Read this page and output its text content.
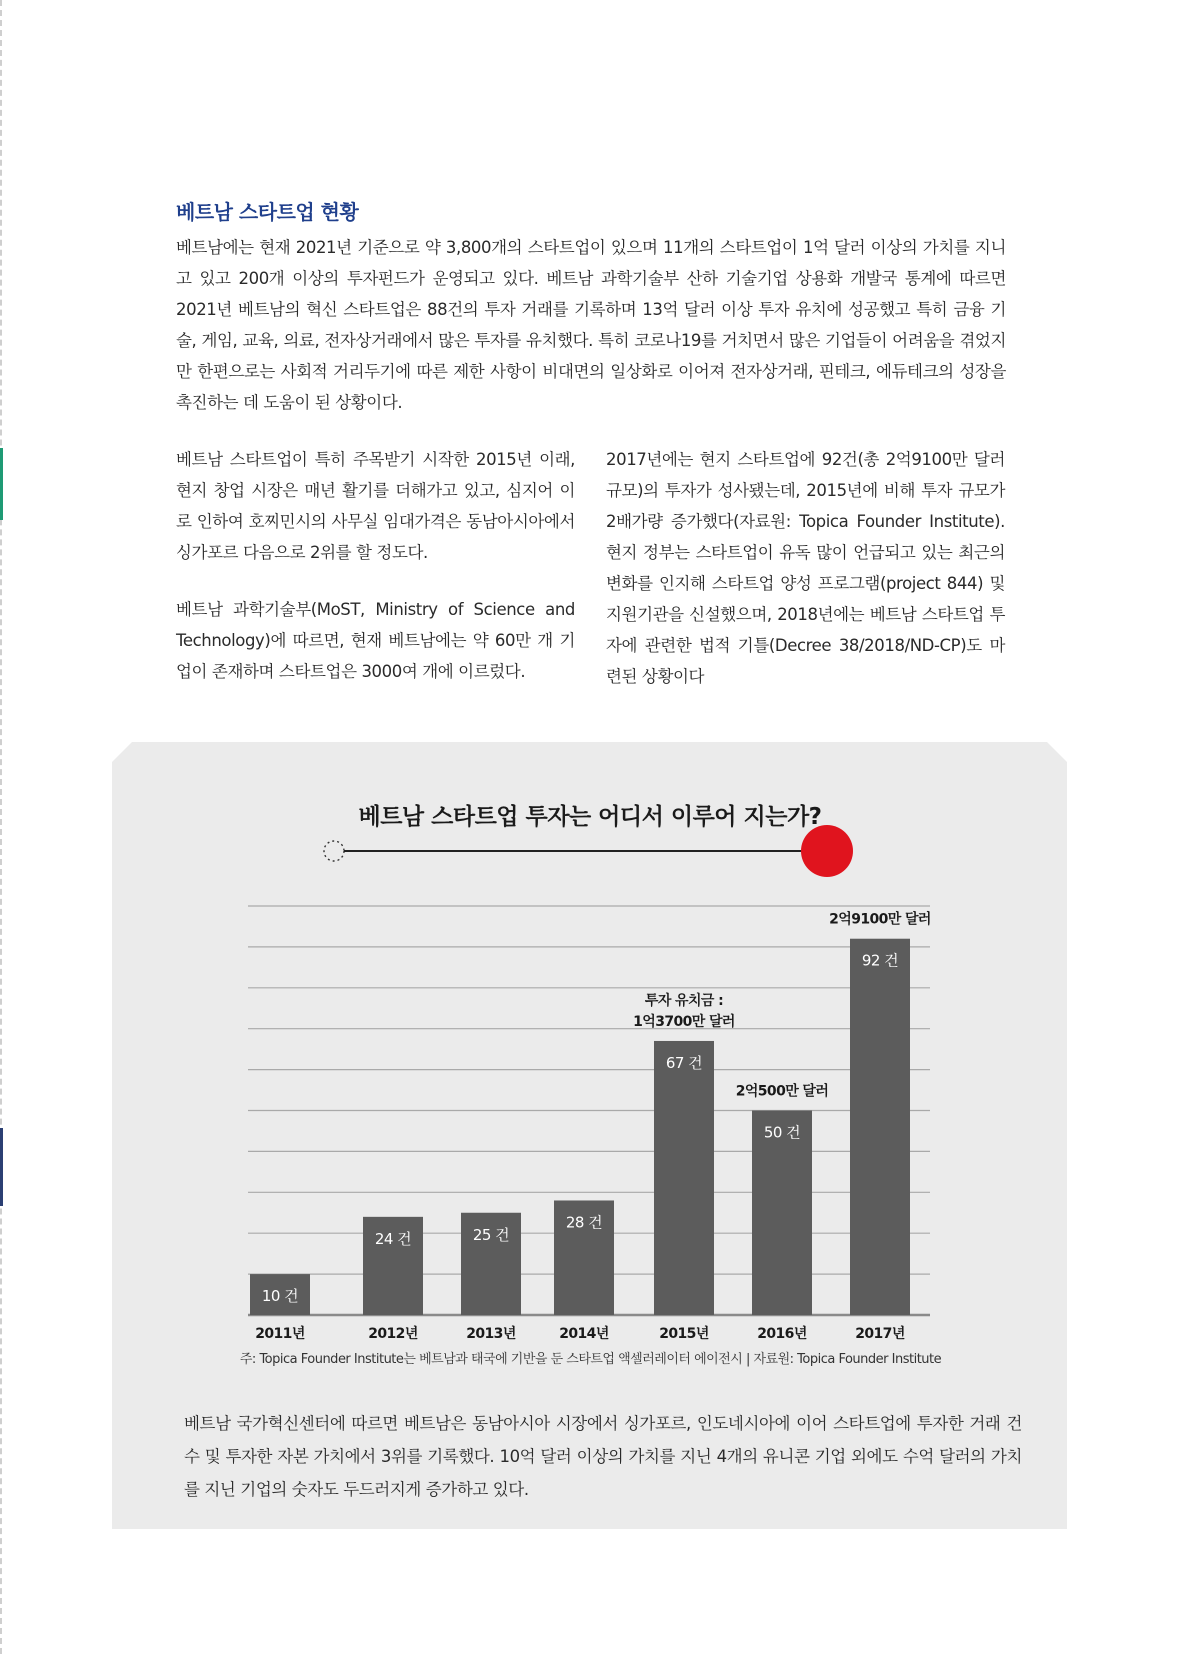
베트남 스타트업 현황

베트남에는 현재 2021년 기준으로 약 3,800개의 스타트업이 있으며 11개의 스타트업이 1억 달러 이상의 가치를 지니고 있고 200개 이상의 투자펀드가 운영되고 있다. 베트남 과학기술부 산하 기술기업 상용화 개발국 통계에 따르면 2021년 베트남의 혁신 스타트업은 88건의 투자 거래를 기록하며 13억 달러 이상 투자 유치에 성공했고 특히 금융 기술, 게임, 교육, 의료, 전자상거래에서 많은 투자를 유치했다. 특히 코로나19를 거치면서 많은 기업들이 어려움을 겪었지만 한편으로는 사회적 거리두기에 따른 제한 사항이 비대면의 일상화로 이어져 전자상거래, 핀테크, 에듀테크의 성장을 촉진하는 데 도움이 된 상황이다.

베트남 스타트업이 특히 주목받기 시작한 2015년 이래, 현지 창업 시장은 매년 활기를 더해가고 있고, 심지어 이로 인하여 호찌민시의 사무실 임대가격은 동남아시아에서 싱가포르 다음으로 2위를 할 정도다.

베트남 과학기술부(MoST, Ministry of Science and Technology)에 따르면, 현재 베트남에는 약 60만 개 기업이 존재하며 스타트업은 3000여 개에 이르렀다.

2017년에는 현지 스타트업에 92건(총 2억9100만 달러 규모)의 투자가 성사됐는데, 2015년에 비해 투자 규모가 2배가량 증가했다(자료원: Topica Founder Institute). 현지 정부는 스타트업이 유독 많이 언급되고 있는 최근의 변화를 인지해 스타트업 양성 프로그램(project 844) 및 지원기관을 신설했으며, 2018년에는 베트남 스타트업 투자에 관련한 법적 기틀(Decree 38/2018/ND-CP)도 마련된 상황이다

베트남 스타트업 투자는 어디서 이루어 지는가?
10 건
2011년
24 건
2012년
25 건
2013년
28 건
2014년
67 건
2015년
50 건
2016년
92 건
2017년
투자 유치금 :
1억3700만 달러
2억500만 달러
2억9100만 달러

주: Topica Founder Institute는 베트남과 태국에 기반을 둔 스타트업 액셀러레이터 에이전시 | 자료원: Topica Founder Institute

베트남 국가혁신센터에 따르면 베트남은 동남아시아 시장에서 싱가포르, 인도네시아에 이어 스타트업에 투자한 거래 건수 및 투자한 자본 가치에서 3위를 기록했다. 10억 달러 이상의 가치를 지닌 4개의 유니콘 기업 외에도 수억 달러의 가치를 지닌 기업의 숫자도 두드러지게 증가하고 있다.
